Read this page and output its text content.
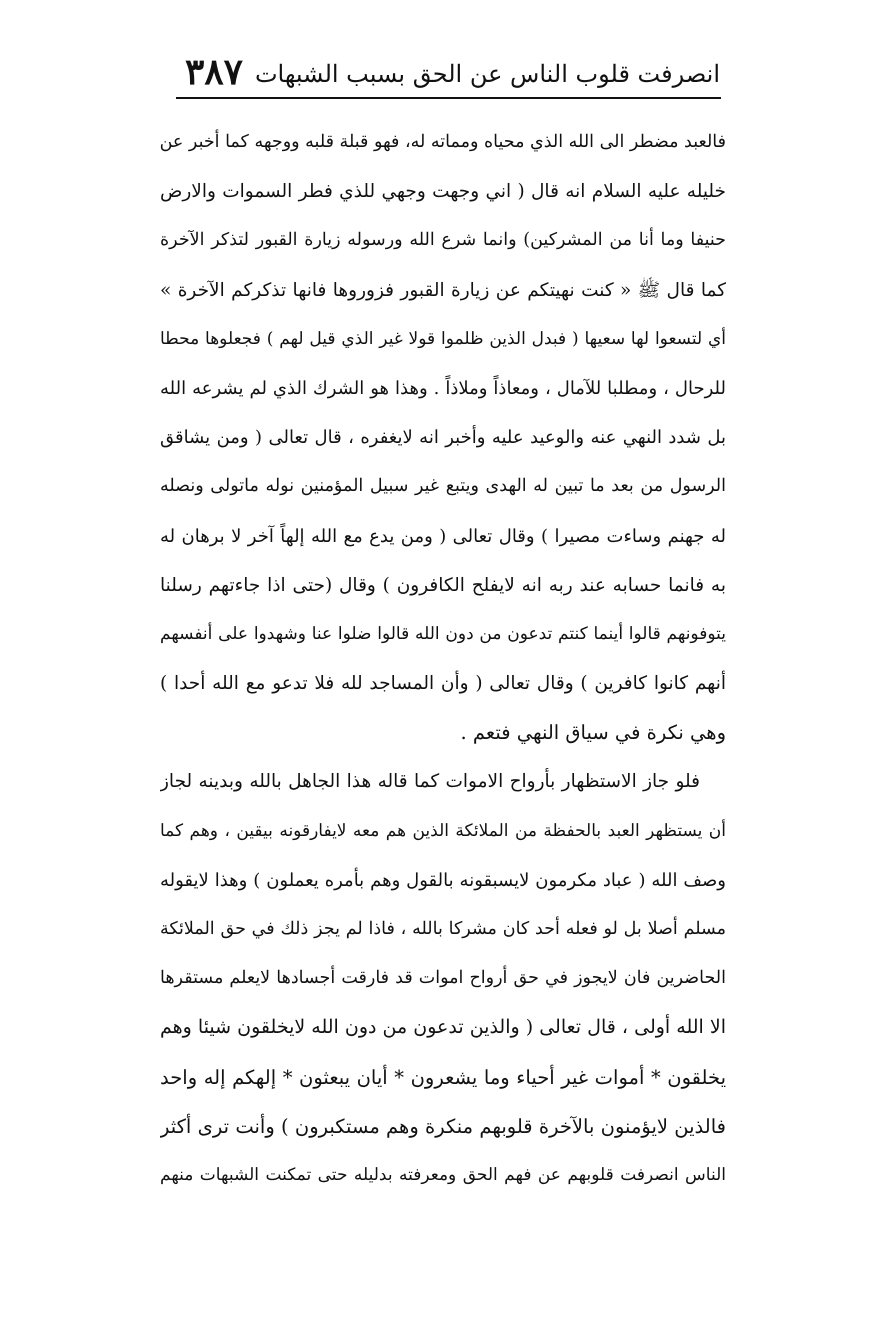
انصرفت قلوب الناس عن الحق بسبب الشبهات
٣٨٧
فالعبد مضطر الى الله الذي محياه ومماته له، فهو قبلة قلبه ووجهه كما أخبر عن
خليله عليه السلام انه قال ( اني وجهت وجهي للذي فطر السموات والارض
حنيفا وما أنا من المشركين) وانما شرع الله ورسوله زيارة القبور لتذكر الآخرة
كما قال ﷺ « كنت نهيتكم عن زيارة القبور فزوروها فانها تذكركم الآخرة »
أي لتسعوا لها سعيها ( فبدل الذين ظلموا قولا غير الذي قيل لهم ) فجعلوها محطا
للرحال ، ومطلبا للآمال ، ومعاذاً وملاذاً . وهذا هو الشرك الذي لم يشرعه الله
بل شدد النهي عنه والوعيد عليه وأخبر انه لايغفره ، قال تعالى ( ومن يشاقق
الرسول من بعد ما تبين له الهدى ويتبع غير سبيل المؤمنين نوله ماتولى ونصله
له جهنم وساءت مصيرا ) وقال تعالى ( ومن يدع مع الله إلهاً آخر لا برهان له
به فانما حسابه عند ربه انه لايفلح الكافرون ) وقال (حتى اذا جاءتهم رسلنا
يتوفونهم قالوا أينما كنتم تدعون من دون الله قالوا ضلوا عنا وشهدوا على أنفسهم
أنهم كانوا كافرين ) وقال تعالى ( وأن المساجد لله فلا تدعو مع الله أحدا )
وهي نكرة في سياق النهي فتعم .
فلو جاز الاستظهار بأرواح الاموات كما قاله هذا الجاهل بالله وبدينه لجاز
أن يستظهر العبد بالحفظة من الملائكة الذين هم معه لايفارقونه بيقين ، وهم كما
وصف الله ( عباد مكرمون لايسبقونه بالقول وهم بأمره يعملون ) وهذا لايقوله
مسلم أصلا بل لو فعله أحد كان مشركا بالله ، فاذا لم يجز ذلك في حق الملائكة
الحاضرين فان لايجوز في حق أرواح اموات قد فارقت أجسادها لايعلم مستقرها
الا الله أولى ، قال تعالى ( والذين تدعون من دون الله لايخلقون شيئا وهم
يخلقون * أموات غير أحياء وما يشعرون * أيان يبعثون * إلهكم إله واحد
فالذين لايؤمنون بالآخرة قلوبهم منكرة وهم مستكبرون ) وأنت ترى أكثر
الناس انصرفت قلوبهم عن فهم الحق ومعرفته بدليله حتى تمكنت الشبهات منهم
